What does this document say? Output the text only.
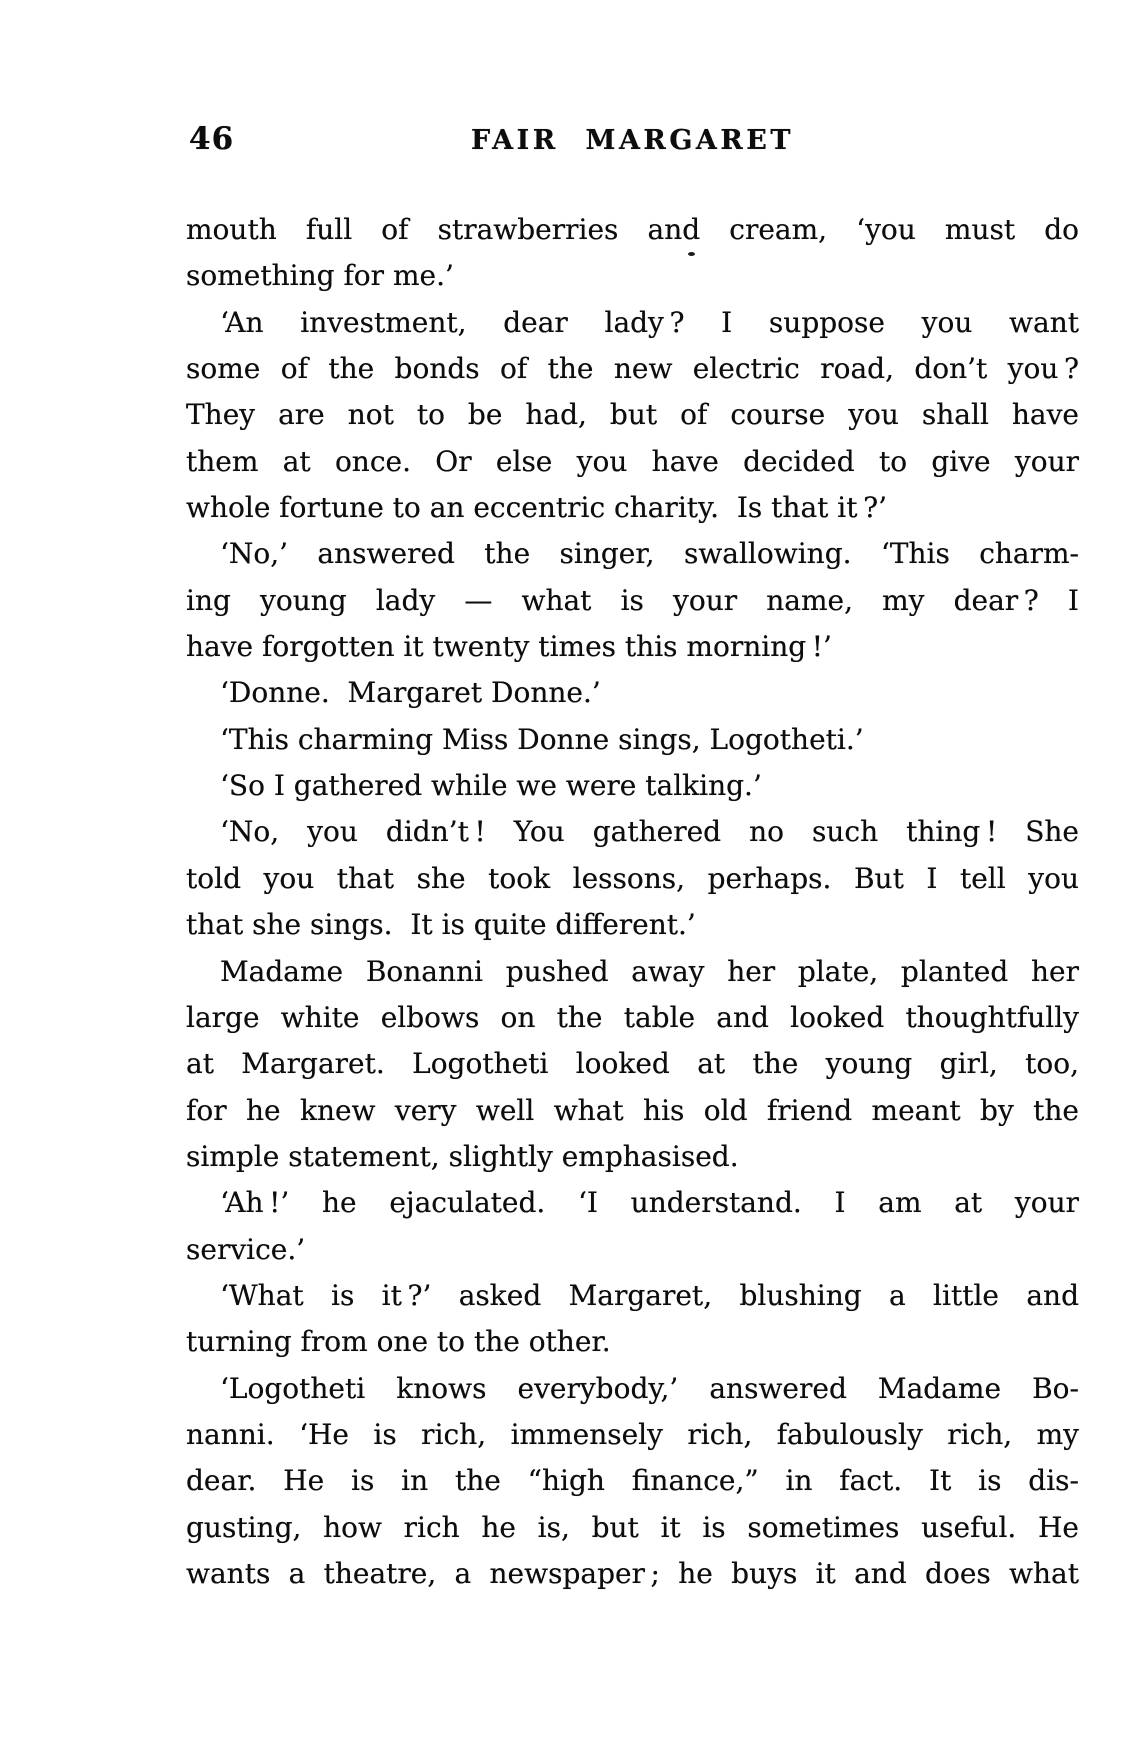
46	FAIR MARGARET
mouth full of strawberries and cream, ‘you must do
something for me.’
‘An investment, dear lady ? I suppose you want
some of the bonds of the new electric road, don’t you ?
They are not to be had, but of course you shall have
them at once. Or else you have decided to give your
whole fortune to an eccentric charity.  Is that it ?’
‘No,’ answered the singer, swallowing. ‘This charm-
ing young lady — what is your name, my dear ? I
have forgotten it twenty times this morning !’
‘Donne.  Margaret Donne.’
‘This charming Miss Donne sings, Logotheti.’
‘So I gathered while we were talking.’
‘No, you didn’t ! You gathered no such thing ! She
told you that she took lessons, perhaps. But I tell you
that she sings.  It is quite different.’
Madame Bonanni pushed away her plate, planted her
large white elbows on the table and looked thoughtfully
at Margaret. Logotheti looked at the young girl, too,
for he knew very well what his old friend meant by the
simple statement, slightly emphasised.
‘Ah !’ he ejaculated. ‘I understand. I am at your
service.’
‘What is it ?’ asked Margaret, blushing a little and
turning from one to the other.
‘Logotheti knows everybody,’ answered Madame Bo-
nanni. ‘He is rich, immensely rich, fabulously rich, my
dear. He is in the “high finance,” in fact. It is dis-
gusting, how rich he is, but it is sometimes useful. He
wants a theatre, a newspaper ; he buys it and does what
